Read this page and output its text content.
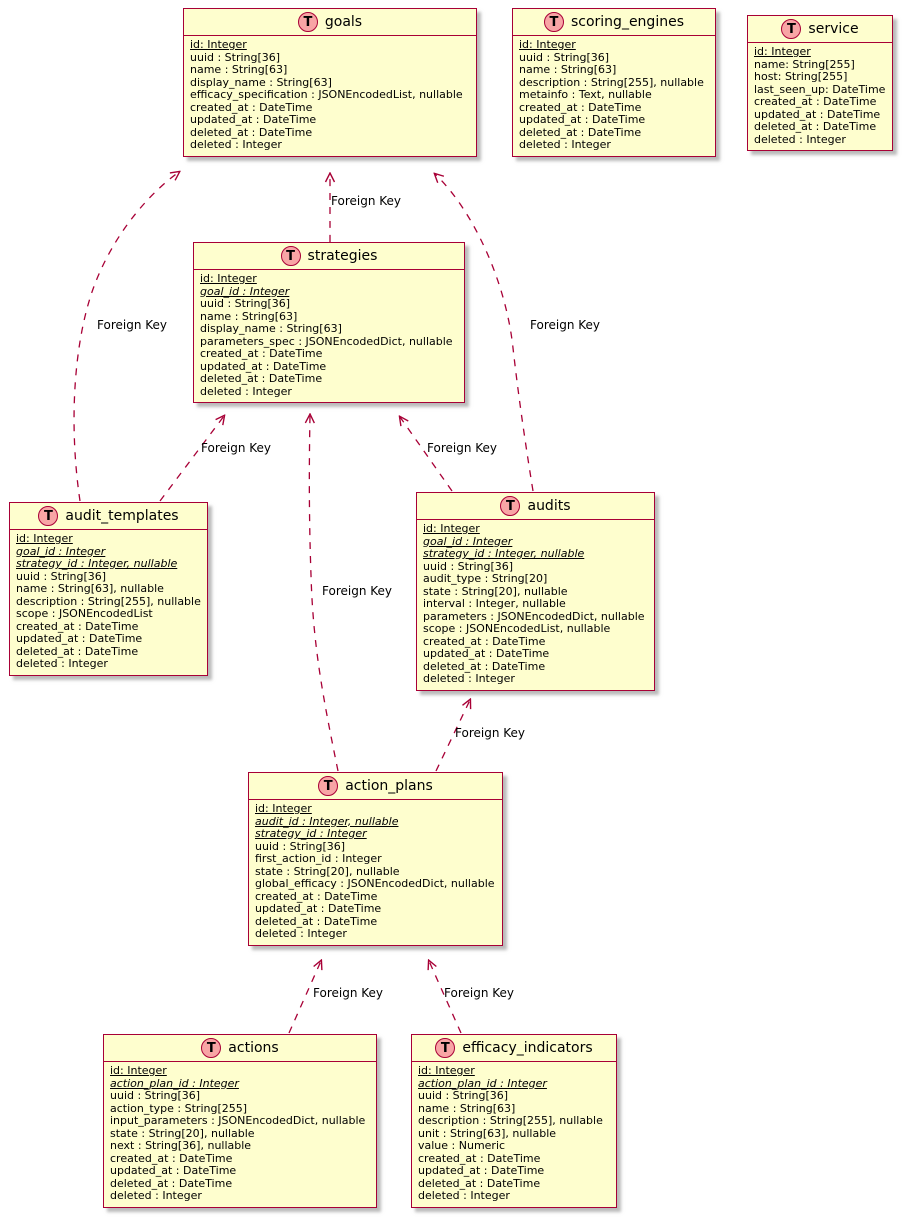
Foreign Key
Foreign Key	Foreign Key
Foreign Key	Foreign Key
Foreign Key
Foreign Key
Foreign Key	Foreign Key
T goals
id: Integer
uuid : String[36]
name : String[63]
display_name : String[63]
efficacy_specification : JSONEncodedList, nullable
created_at : DateTime
updated_at : DateTime
deleted_at : DateTime
deleted : Integer
T scoring_engines
id: Integer
uuid : String[36]
name : String[63]
description : String[255], nullable
metainfo : Text, nullable
created_at : DateTime
updated_at : DateTime
deleted_at : DateTime
deleted : Integer
T service
id: Integer
name: String[255]
host: String[255]
last_seen_up: DateTime
created_at : DateTime
updated_at : DateTime
deleted_at : DateTime
deleted : Integer
T strategies
id: Integer
goal_id : Integer
uuid : String[36]
name : String[63]
display_name : String[63]
parameters_spec : JSONEncodedDict, nullable
created_at : DateTime
updated_at : DateTime
deleted_at : DateTime
deleted : Integer
T audit_templates
id: Integer
goal_id : Integer
strategy_id : Integer, nullable
uuid : String[36]
name : String[63], nullable
description : String[255], nullable
scope : JSONEncodedList
created_at : DateTime
updated_at : DateTime
deleted_at : DateTime
deleted : Integer
T audits
id: Integer
goal_id : Integer
strategy_id : Integer, nullable
uuid : String[36]
audit_type : String[20]
state : String[20], nullable
interval : Integer, nullable
parameters : JSONEncodedDict, nullable
scope : JSONEncodedList, nullable
created_at : DateTime
updated_at : DateTime
deleted_at : DateTime
deleted : Integer
T action_plans
id: Integer
audit_id : Integer, nullable
strategy_id : Integer
uuid : String[36]
first_action_id : Integer
state : String[20], nullable
global_efficacy : JSONEncodedDict, nullable
created_at : DateTime
updated_at : DateTime
deleted_at : DateTime
deleted : Integer
T actions
id: Integer
action_plan_id : Integer
uuid : String[36]
action_type : String[255]
input_parameters : JSONEncodedDict, nullable
state : String[20], nullable
next : String[36], nullable
created_at : DateTime
updated_at : DateTime
deleted_at : DateTime
deleted : Integer
T efficacy_indicators
id: Integer
action_plan_id : Integer
uuid : String[36]
name : String[63]
description : String[255], nullable
unit : String[63], nullable
value : Numeric
created_at : DateTime
updated_at : DateTime
deleted_at : DateTime
deleted : Integer
